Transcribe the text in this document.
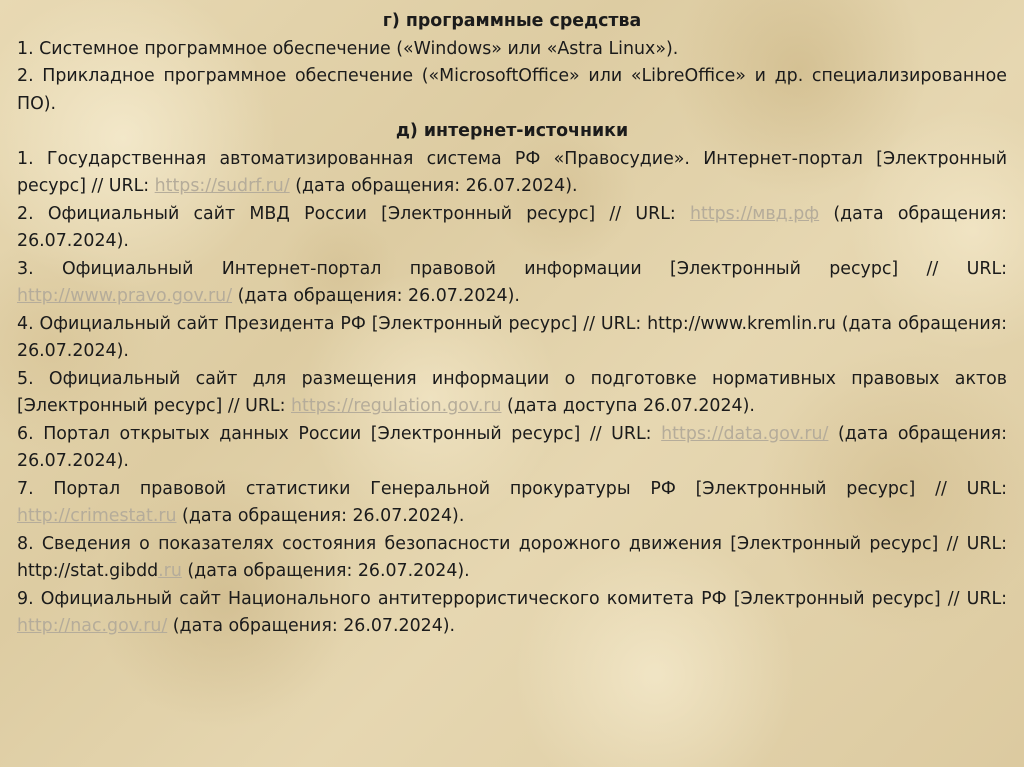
г) программные средства

1. Системное программное обеспечение («Windows» или «Astra Linux»).

2. Прикладное программное обеспечение («MicrosoftOffice» или «LibreOffice» и др. специализированное ПО).

д) интернет-источники

1. Государственная автоматизированная система РФ «Правосудие». Интернет-портал [Электронный ресурс] // URL: https://sudrf.ru/ (дата обращения: 26.07.2024).

2. Официальный сайт МВД России [Электронный ресурс] // URL: https://мвд.рф (дата обращения: 26.07.2024).

3. Официальный Интернет-портал правовой информации [Электронный ресурс] // URL: http://www.pravo.gov.ru/ (дата обращения: 26.07.2024).

4. Официальный сайт Президента РФ [Электронный ресурс] // URL: http://www.kremlin.ru (дата обращения: 26.07.2024).

5. Официальный сайт для размещения информации о подготовке нормативных правовых актов [Электронный ресурс] // URL: https://regulation.gov.ru (дата доступа 26.07.2024).

6. Портал открытых данных России [Электронный ресурс] // URL: https://data.gov.ru/ (дата обращения: 26.07.2024).

7. Портал правовой статистики Генеральной прокуратуры РФ [Электронный ресурс] // URL: http://crimestat.ru (дата обращения: 26.07.2024).

8. Сведения о показателях состояния безопасности дорожного движения [Электронный ресурс] // URL: http://stat.gibdd.ru (дата обращения: 26.07.2024).

9. Официальный сайт Национального антитеррористического комитета РФ [Электронный ресурс] // URL: http://nac.gov.ru/ (дата обращения: 26.07.2024).
